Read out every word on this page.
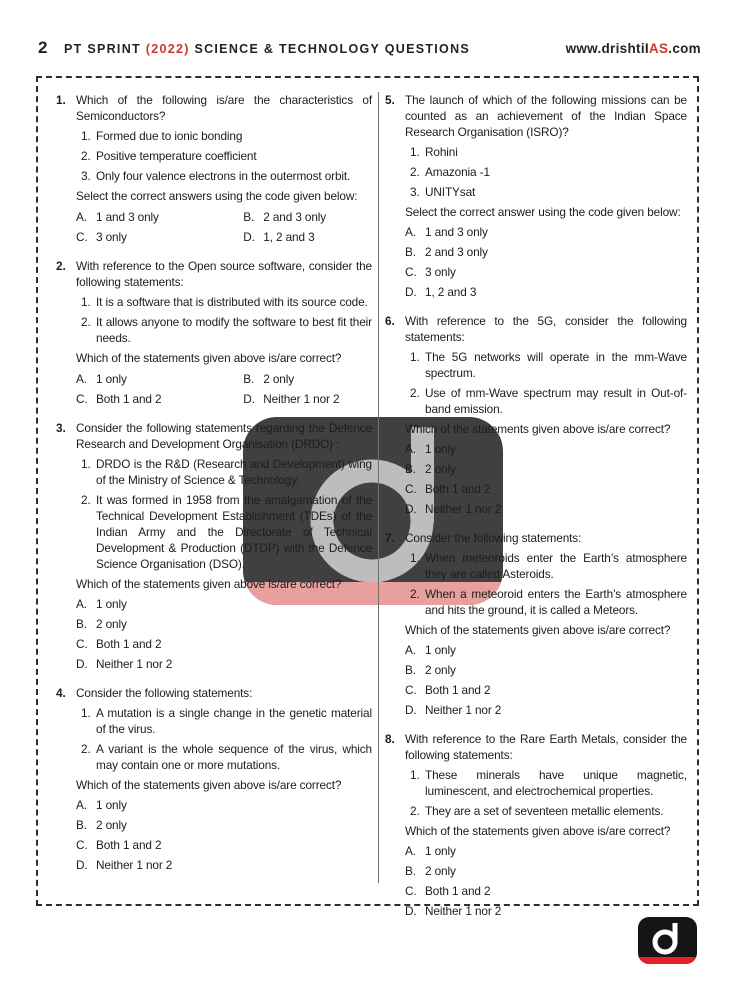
2 PT SPRINT (2022) SCIENCE & TECHNOLOGY QUESTIONS	www.drishtiIAS.com
1. Which of the following is/are the characteristics of Semiconductors?

1. Formed due to ionic bonding

2. Positive temperature coefficient

3. Only four valence electrons in the outermost orbit.

Select the correct answers using the code given below:

A. 1 and 3 only	B. 2 and 3 only
C. 3 only	D. 1, 2 and 3
2. With reference to the Open source software, consider the following statements:

1. It is a software that is distributed with its source code.

2. It allows anyone to modify the software to best fit their needs.

Which of the statements given above is/are correct?

A. 1 only	B. 2 only
C. Both 1 and 2	D. Neither 1 nor 2
3. Consider the following statements regarding the Defence Research and Development Organisation (DRDO) :

1. DRDO is the R&D (Research and Development) wing of the Ministry of Science & Technology.

2. It was formed in 1958 from the amalgamation of the Technical Development Establishment (TDEs) of the Indian Army and the Directorate of Technical Development & Production (DTDP) with the Defence Science Organisation (DSO).

Which of the statements given above is/are correct?

A. 1 only
B. 2 only
C. Both 1 and 2
D. Neither 1 nor 2
4. Consider the following statements:

1. A mutation is a single change in the genetic material of the virus.

2. A variant is the whole sequence of the virus, which may contain one or more mutations.

Which of the statements given above is/are correct?

A. 1 only
B. 2 only
C. Both 1 and 2
D. Neither 1 nor 2
5. The launch of which of the following missions can be counted as an achievement of the Indian Space Research Organisation (ISRO)?

1. Rohini

2. Amazonia -1

3. UNITYsat

Select the correct answer using the code given below:

A. 1 and 3 only
B. 2 and 3 only
C. 3 only
D. 1, 2 and 3
6. With reference to the 5G, consider the following statements:

1. The 5G networks will operate in the mm-Wave spectrum.

2. Use of mm-Wave spectrum may result in Out-of-band emission.

Which of the statements given above is/are correct?

A. 1 only
B. 2 only
C. Both 1 and 2
D. Neither 1 nor 2
7. Consider the following statements:

1. When meteoroids enter the Earth’s atmosphere they are called Asteroids.

2. When a meteoroid enters the Earth’s atmosphere and hits the ground, it is called a Meteors.

Which of the statements given above is/are correct?

A. 1 only
B. 2 only
C. Both 1 and 2
D. Neither 1 nor 2
8. With reference to the Rare Earth Metals, consider the following statements:

1. These minerals have unique magnetic, luminescent, and electrochemical properties.

2. They are a set of seventeen metallic elements.

Which of the statements given above is/are correct?

A. 1 only
B. 2 only
C. Both 1 and 2
D. Neither 1 nor 2
